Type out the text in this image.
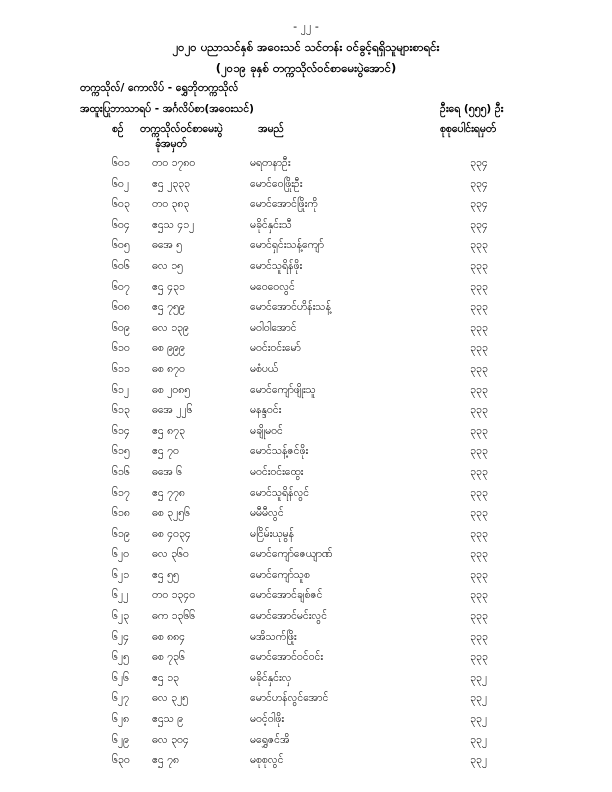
- ၂၂ -
၂၀၂၀ ပညာသင်နှစ် အဝေးသင် သင်တန်း ဝင်ခွင့်ရရှိသူများစာရင်း
(၂၀၁၉ ခုနှစ် တက္ကသိုလ်ဝင်စာမေးပွဲအောင်)
တက္ကသိုလ်/ ကောလိပ် - ရွှေဘိုတက္ကသိုလ်
အထူးပြုဘာသာရပ် - အင်္ဂလိပ်စာ(အဝေးသင်)	ဦးရေ (၅၅၅) ဦး
စဉ် တက္ကသိုလ်ဝင်စာမေးပွဲ
ခုံအမှတ်
အမည်	စုစုပေါင်းရမှတ်
၆၀၁ တဝ ၁၇၈၀	မရတနာဦး	၃၃၄
၆၀၂ ဧဌ ၂၃၃၃	မောင်ဝေဖြိုးဦး	၃၃၄
၆၀၃ တဝ ၃၈၃	မောင်အောင်ဖြိုးကို	၃၃၄
၆၀၄ ဧဌသ ၄၁၂	မခိုင်နှင်းသီ	၃၃၄
၆၀၅ ဓအေ ၅	မောင်ရှင်းသန့်ကျော်	၃၃၃
၆၀၆ ဓလ ၁၅	မောင်သူရိန်ဖိုး	၃၃၃
၆၀၇ ဧဌ ၄၃၁	မဝေဝေလွင်	၃၃၃
၆၀၈ ဧဌ ၇၅၉	မောင်အောင်ဟိန်းသန့်	၃၃၃
၆၀၉ ဓလ ၁၃၉	မဝါဝါအောင်	၃၃၃
၆၁၀ ဓစ ၉၉၉	မဝင်းဝင်းမော်	၃၃၃
၆၁၁ ဓစ ၈၇၀	မစံပယ်	၃၃၃
၆၁၂ ဓစ ၂၀၈၅	မောင်ကျော်ဖျိုးသူ	၃၃၃
၆၁၃ ဓအေ ၂၂၆	မနန္ဒဝင်း	၃၃၃
၆၁၄ ဧဌ ၈၇၃	မချိုမဝင်	၃၃၃
၆၁၅ ဧဌ ၇၀	မောင်သန့်ဇင်ဖိုး	၃၃၃
၆၁၆ ဓအေ ၆	မဝင်းဝင်းထွေး	၃၃၃
၆၁၇ ဧဌ ၇၇၈	မောင်သူရိန်လွင်	၃၃၃
၆၁၈ ဓစ ၃၂၅၆	မမီမီလွင်	၃၃၃
၆၁၉ ဓစ ၄၀၃၄	မငြိမ်းယုမွန်	၃၃၃
၆၂၀ ဓလ ၃၆၀	မောင်ကျော်ဇေယျာဏ်	၃၃၃
၆၂၁ ဧဌ ၅၅	မောင်ကျော်သူစ	၃၃၃
၆၂၂ တဝ ၁၃၄၀	မောင်အောင်ချစ်ဇင်	၃၃၃
၆၂၃ ဓက ၁၃၆၆	မောင်အောင်မင်းလွင်	၃၃၃
၆၂၄ ဓစ ၈၈၄	မအိသက်ဖြိုး	၃၃၃
၆၂၅ ဓစ ၇၃၆	မောင်အောင်ဝင်ဝင်း	၃၃၃
၆၂၆ ဧဌ ၁၃	မခိုင်နှင်းလှ	၃၃၂
၆၂၇ ဓလ ၃၂၅	မောင်ဟန်လွင်အောင်	၃၃၂
၆၂၈ ဧဌသ ၉	မဝင့်ဝါဖိုး	၃၃၂
၆၂၉ ဓလ ၃၀၄	မရွှေဇင်အိ	၃၃၂
၆၃၀ ဧဌ ၇၈	မစုစုလွင်	၃၃၂
